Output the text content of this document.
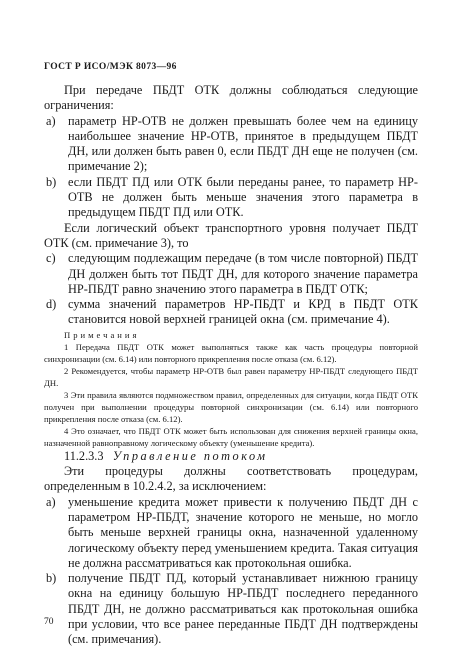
ГОСТ Р ИСО/МЭК 8073—96

При передаче ПБДТ ОТК должны соблюдаться следующие ограничения:

а)	параметр НР-ОТВ не должен превышать более чем на единицу наибольшее значение НР-ОТВ, принятое в предыдущем ПБДТ ДН, или должен быть равен 0, если ПБДТ ДН еще не получен (см. примечание 2);
b) если ПБДТ ПД или ОТК были переданы ранее, то параметр НР-ОТВ не должен быть меньше значения этого параметра в предыдущем ПБДТ ПД или ОТК.

Если логический объект транспортного уровня получает ПБДТ ОТК (см. примечание 3), то

c)	следующим подлежащим передаче (в том числе повторной) ПБДТ ДН должен быть тот ПБДТ ДН, для которого значение параметра НР-ПБДТ равно значению этого параметра в ПБДТ ОТК;
d) сумма значений параметров НР-ПБДТ и КРД в ПБДТ ОТК становится новой верхней границей окна (см. примечание 4).

Примечания

1 Передача ПБДТ ОТК может выполняться также как часть процедуры повторной синхронизации (см. 6.14) или повторного прикрепления после отказа (см. 6.12).

2 Рекомендуется, чтобы параметр НР-ОТВ был равен параметру НР-ПБДТ следующего ПБДТ ДН.

3 Эти правила являются подмножеством правил, определенных для ситуации, когда ПБДТ ОТК получен при выполнении процедуры повторной синхронизации (см. 6.14) или повторного прикрепления после отказа (см. 6.12).

4 Это означает, что ПБДТ ОТК может быть использован для снижения верхней границы окна, назначенной равноправному логическому объекту (уменьшение кредита).

11.2.3.3 Управление потоком

Эти процедуры должны соответствовать процедурам, определенным в 10.2.4.2, за исключением:

а)	уменьшение кредита может привести к получению ПБДТ ДН с параметром НР-ПБДТ, значение которого не меньше, но могло быть меньше верхней границы окна, назначенной удаленному логическому объекту перед уменьшением кредита. Такая ситуация не должна рассматриваться как протокольная ошибка.
b) получение ПБДТ ПД, который устанавливает нижнюю границу окна на единицу большую НР-ПБДТ последнего переданного ПБДТ ДН, не должно рассматриваться как протокольная ошибка при условии, что все ранее переданные ПБДТ ДН подтверждены (см. примечания).
70
